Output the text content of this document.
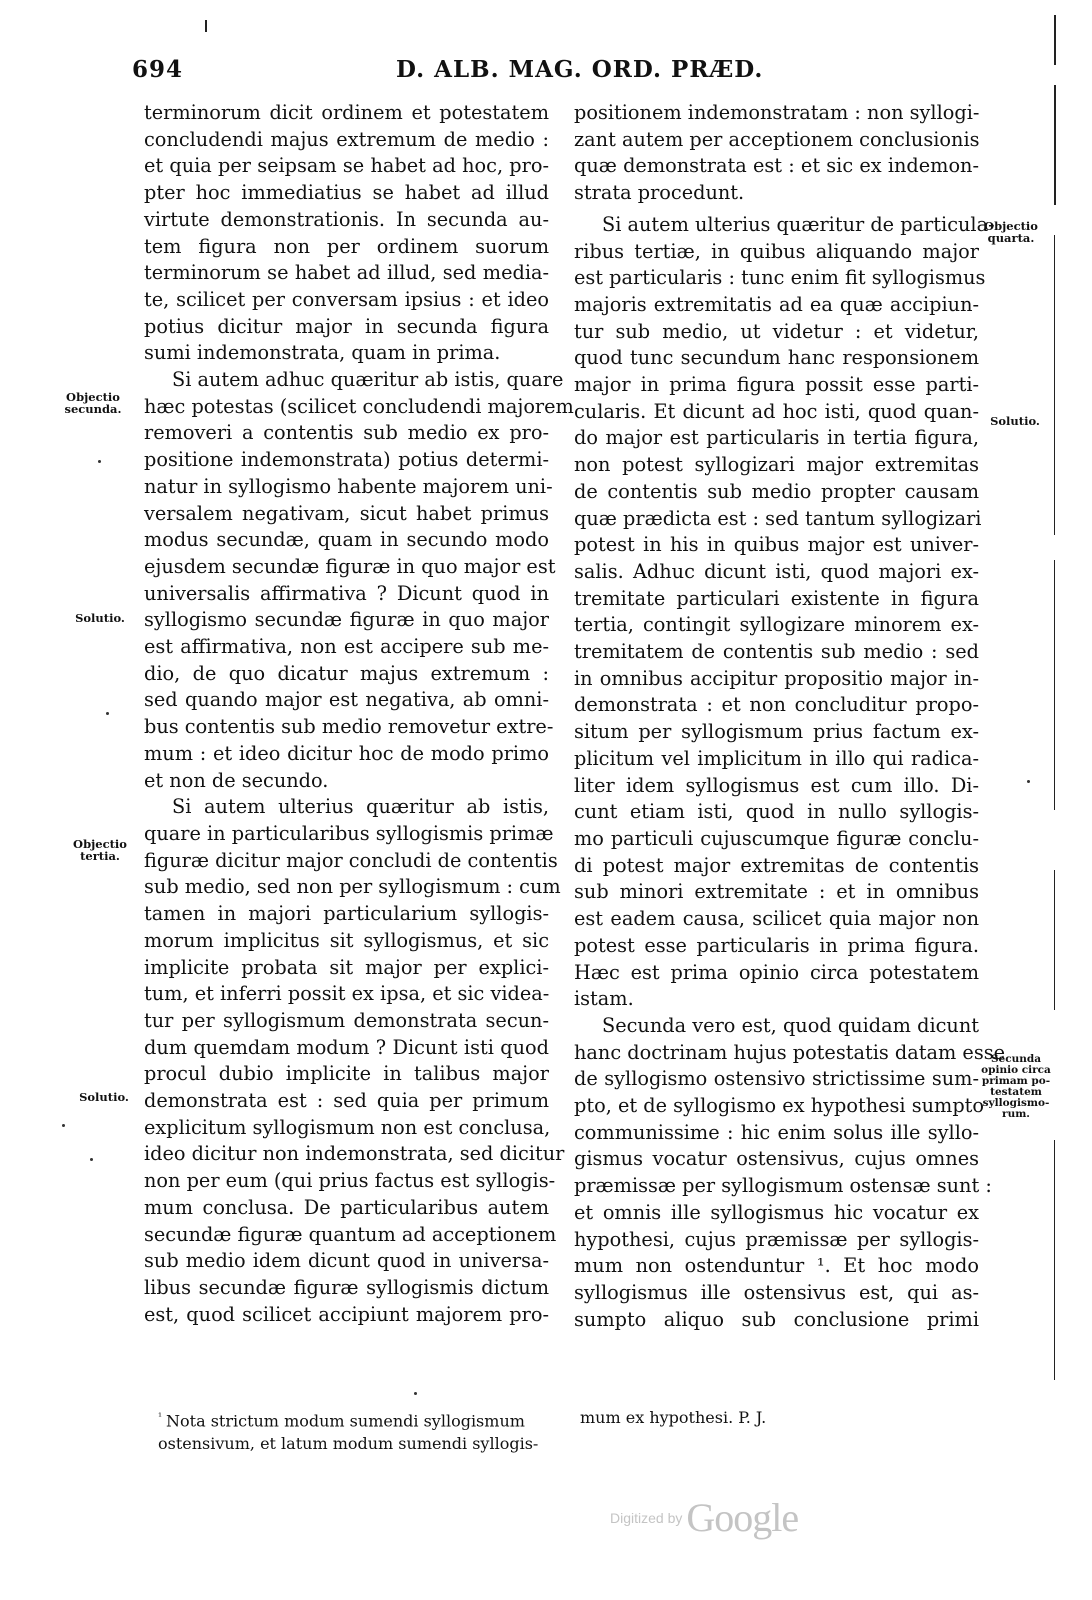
694	D. ALB. MAG. ORD. PRÆD.
terminorum dicit ordinem et potestatem
concludendi majus extremum de medio :
et quia per seipsam se habet ad hoc, pro-
pter hoc immediatius se habet ad illud
virtute demonstrationis. In secunda au-
tem figura non per ordinem suorum
terminorum se habet ad illud, sed media-
te, scilicet per conversam ipsius : et ideo
potius dicitur major in secunda figura
sumi indemonstrata, quam in prima.
Si autem adhuc quæritur ab istis, quare
hæc potestas (scilicet concludendi majorem
removeri a contentis sub medio ex pro-
positione indemonstrata) potius determi-
natur in syllogismo habente majorem uni-
versalem negativam, sicut habet primus
modus secundæ, quam in secundo modo
ejusdem secundæ figuræ in quo major est
universalis affirmativa ? Dicunt quod in
syllogismo secundæ figuræ in quo major
est affirmativa, non est accipere sub me-
dio, de quo dicatur majus extremum :
sed quando major est negativa, ab omni-
bus contentis sub medio removetur extre-
mum : et ideo dicitur hoc de modo primo
et non de secundo.
Si autem ulterius quæritur ab istis,
quare in particularibus syllogismis primæ
figuræ dicitur major concludi de contentis
sub medio, sed non per syllogismum : cum
tamen in majori particularium syllogis-
morum implicitus sit syllogismus, et sic
implicite probata sit major per explici-
tum, et inferri possit ex ipsa, et sic videa-
tur per syllogismum demonstrata secun-
dum quemdam modum ? Dicunt isti quod
procul dubio implicite in talibus major
demonstrata est : sed quia per primum
explicitum syllogismum non est conclusa,
ideo dicitur non indemonstrata, sed dicitur
non per eum (qui prius factus est syllogis-
mum conclusa. De particularibus autem
secundæ figuræ quantum ad acceptionem
sub medio idem dicunt quod in universa-
libus secundæ figuræ syllogismis dictum
est, quod scilicet accipiunt majorem pro-
positionem indemonstratam : non syllogi-
zant autem per acceptionem conclusionis
quæ demonstrata est : et sic ex indemon-
strata procedunt.
Si autem ulterius quæritur de particula-
ribus tertiæ, in quibus aliquando major
est particularis : tunc enim fit syllogismus
majoris extremitatis ad ea quæ accipiun-
tur sub medio, ut videtur : et videtur,
quod tunc secundum hanc responsionem
major in prima figura possit esse parti-
cularis. Et dicunt ad hoc isti, quod quan-
do major est particularis in tertia figura,
non potest syllogizari major extremitas
de contentis sub medio propter causam
quæ prædicta est : sed tantum syllogizari
potest in his in quibus major est univer-
salis. Adhuc dicunt isti, quod majori ex-
tremitate particulari existente in figura
tertia, contingit syllogizare minorem ex-
tremitatem de contentis sub medio : sed
in omnibus accipitur propositio major in-
demonstrata : et non concluditur propo-
situm per syllogismum prius factum ex-
plicitum vel implicitum in illo qui radica-
liter idem syllogismus est cum illo. Di-
cunt etiam isti, quod in nullo syllogis-
mo particuli cujuscumque figuræ conclu-
di potest major extremitas de contentis
sub minori extremitate : et in omnibus
est eadem causa, scilicet quia major non
potest esse particularis in prima figura.
Hæc est prima opinio circa potestatem
istam.
Secunda vero est, quod quidam dicunt
hanc doctrinam hujus potestatis datam esse
de syllogismo ostensivo strictissime sum-
pto, et de syllogismo ex hypothesi sumpto
communissime : hic enim solus ille syllo-
gismus vocatur ostensivus, cujus omnes
præmissæ per syllogismum ostensæ sunt :
et omnis ille syllogismus hic vocatur ex
hypothesi, cujus præmissæ per syllogis-
mum non ostenduntur ¹. Et hoc modo
syllogismus ille ostensivus est, qui as-
sumpto aliquo sub conclusione primi
Objectio
secunda.
Solutio.
Objectio
tertia.
Solutio.
Objectio
quarta.
Solutio.
Secunda
opinio circa
primam po-
testatem
syllogismo-
rum.
$^{^1}$ Nota strictum modum sumendi syllogismum
ostensivum, et latum modum sumendi syllogis-
mum ex hypothesi. P. J.
Digitized by Google
